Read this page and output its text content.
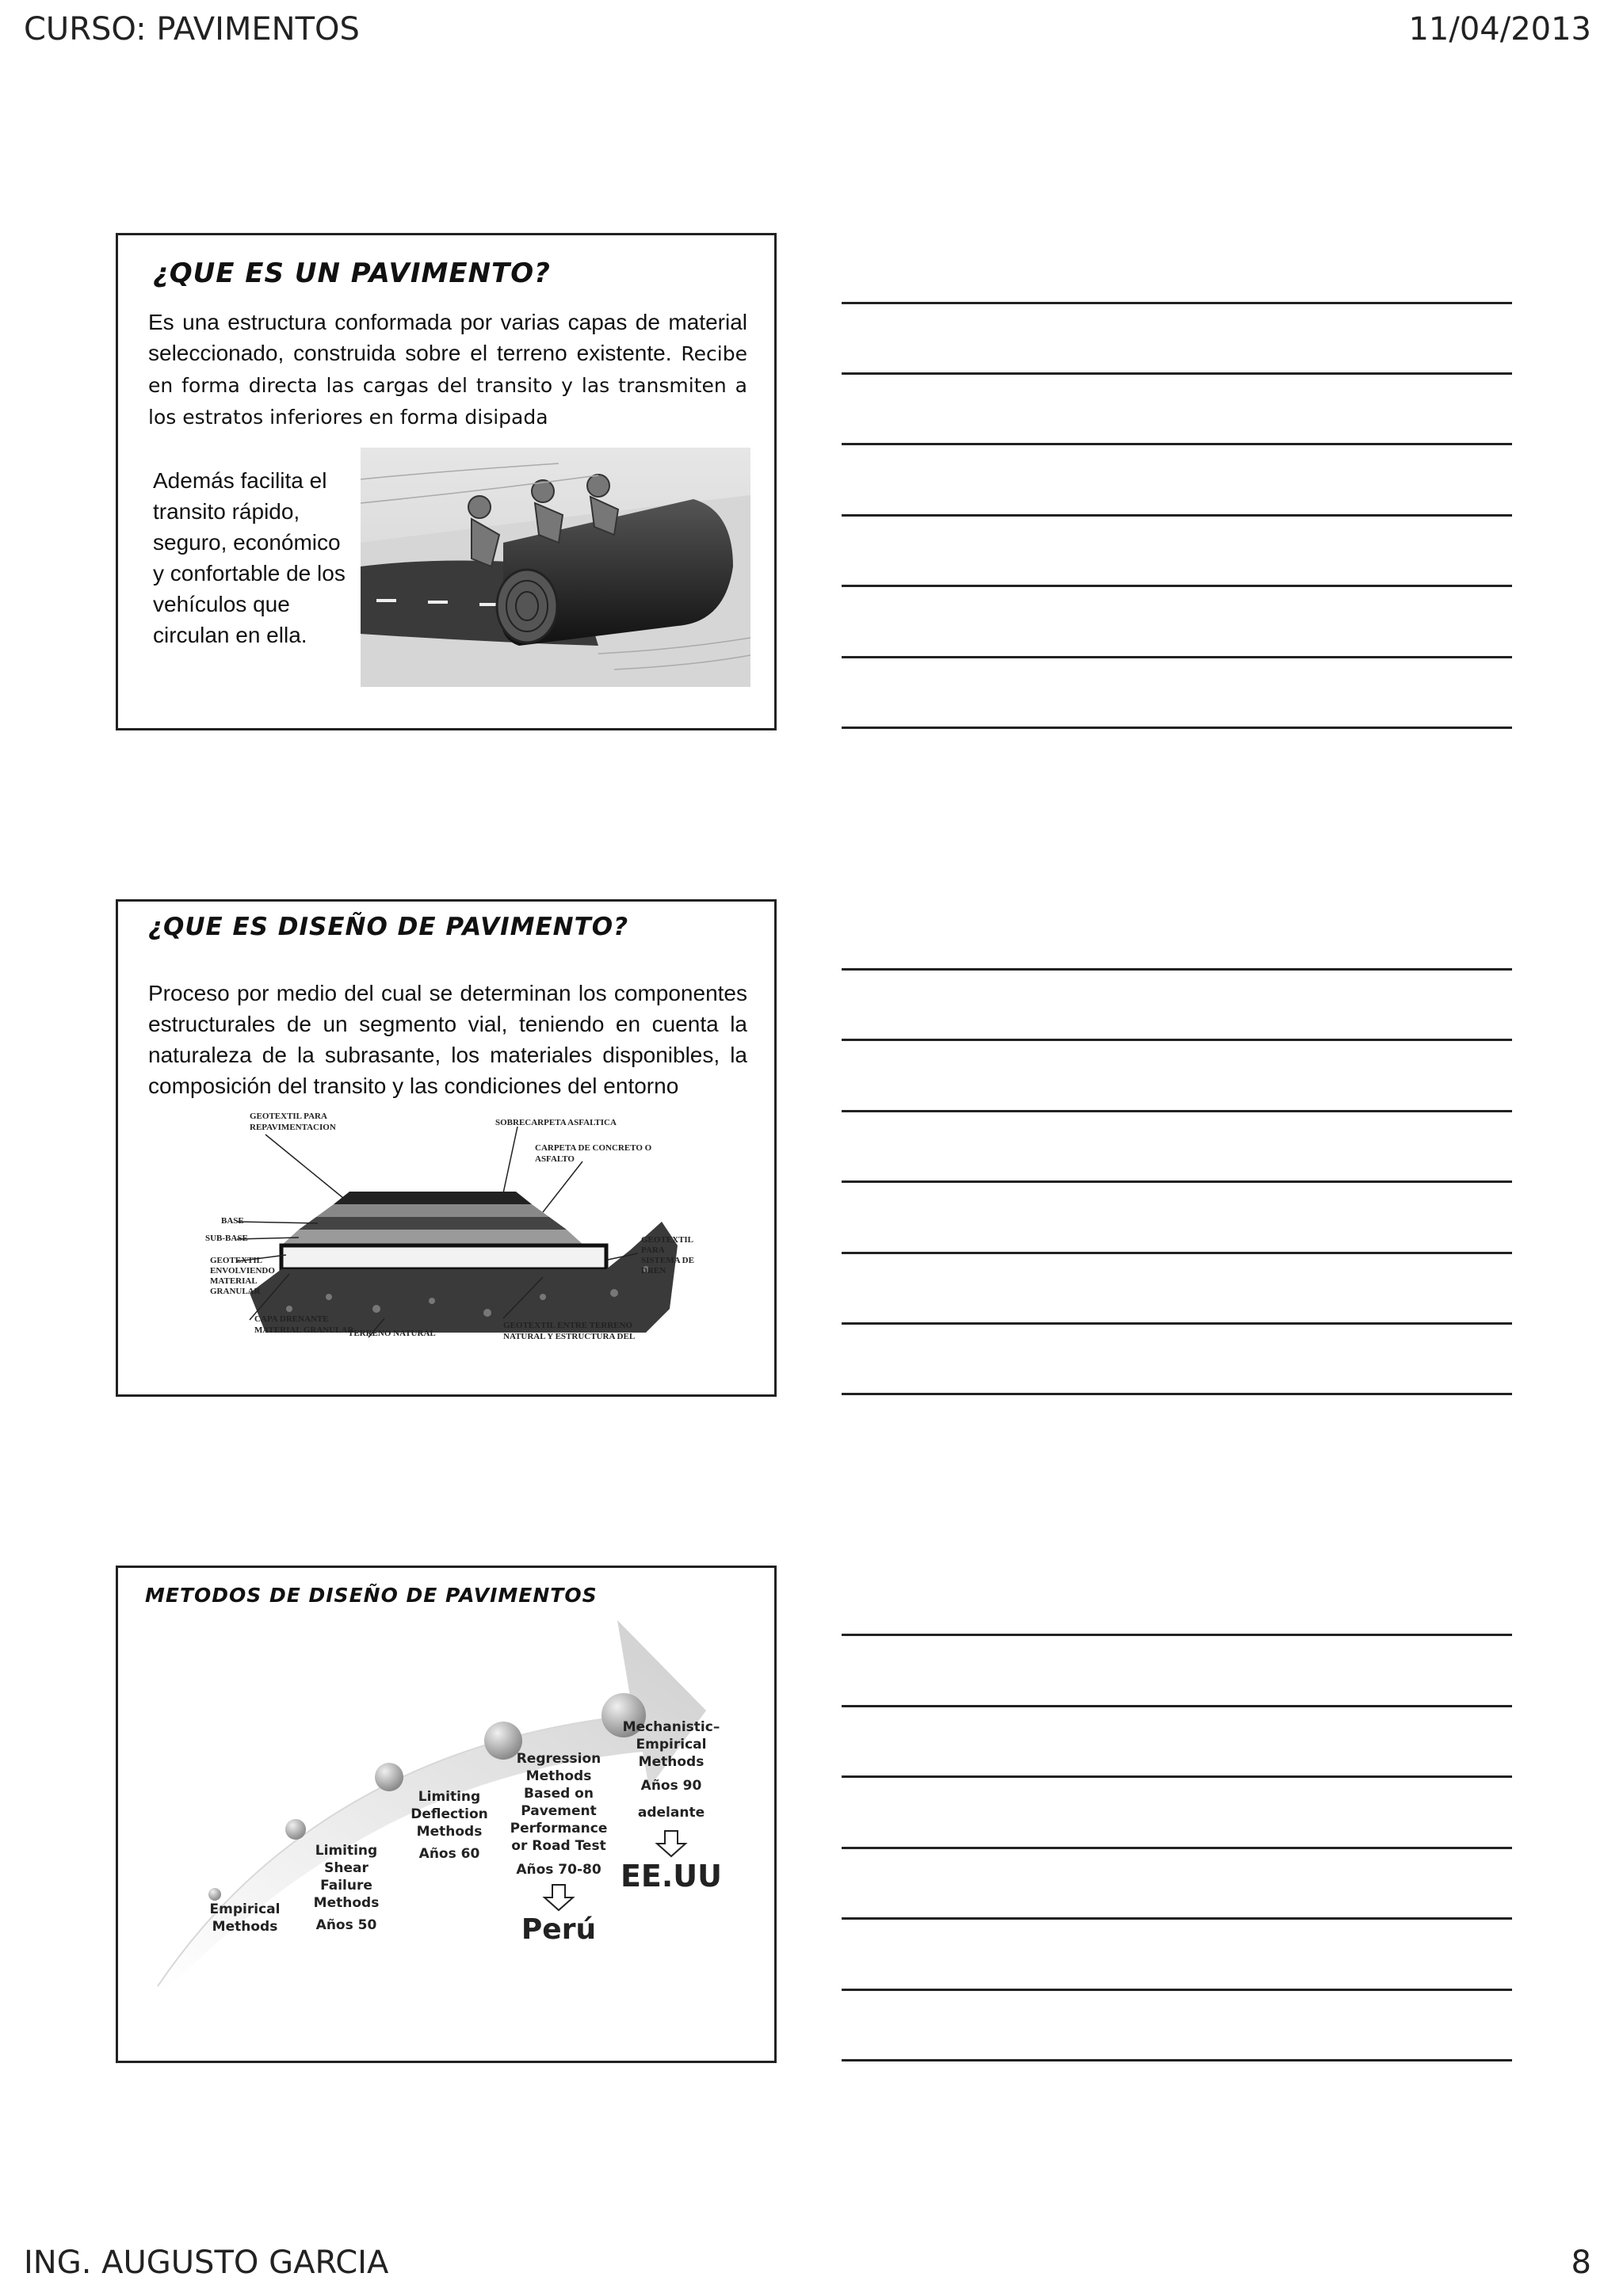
CURSO: PAVIMENTOS	11/04/2013
ING. AUGUSTO GARCIA	8
¿QUE ES UN PAVIMENTO?
Es una estructura conformada por varias capas de material seleccionado, construida sobre el terreno existente. Recibe en forma directa las cargas del transito y las transmiten a los estratos inferiores en forma disipada
Además facilita el transito rápido, seguro, económico y confortable de los vehículos que circulan en ella.
¿QUE ES DISEÑO DE PAVIMENTO?
Proceso por medio del cual se determinan los componentes estructurales de un segmento vial, teniendo en cuenta la naturaleza de la subrasante, los materiales disponibles, la composición del transito y las condiciones del entorno
GEOTEXTIL PARA
REPAVIMENTACION	SOBRECARPETA ASFALTICA
CARPETA DE CONCRETO O
ASFALTO
BASE
SUB-BASE
GEOTEXTIL
ENVOLVIENDO
MATERIAL
GRANULAR
GEOTEXTIL
PARA
SISTEMA DE
DREN
CAPA DRENANTE
MATERIAL GRANULAR
TERRENO NATURAL
GEOTEXTIL ENTRE TERRENO
NATURAL Y ESTRUCTURA DEL
METODOS DE DISEÑO DE PAVIMENTOS
Empirical
Methods
Limiting
Shear
Failure
Methods
Años 50
Limiting
Deflection
Methods
Años 60
Regression
Methods
Based on
Pavement
Performance
or Road Test
Años 70-80
Perú
Mechanistic–
Empirical
Methods
Años 90
adelante
EE.UU
